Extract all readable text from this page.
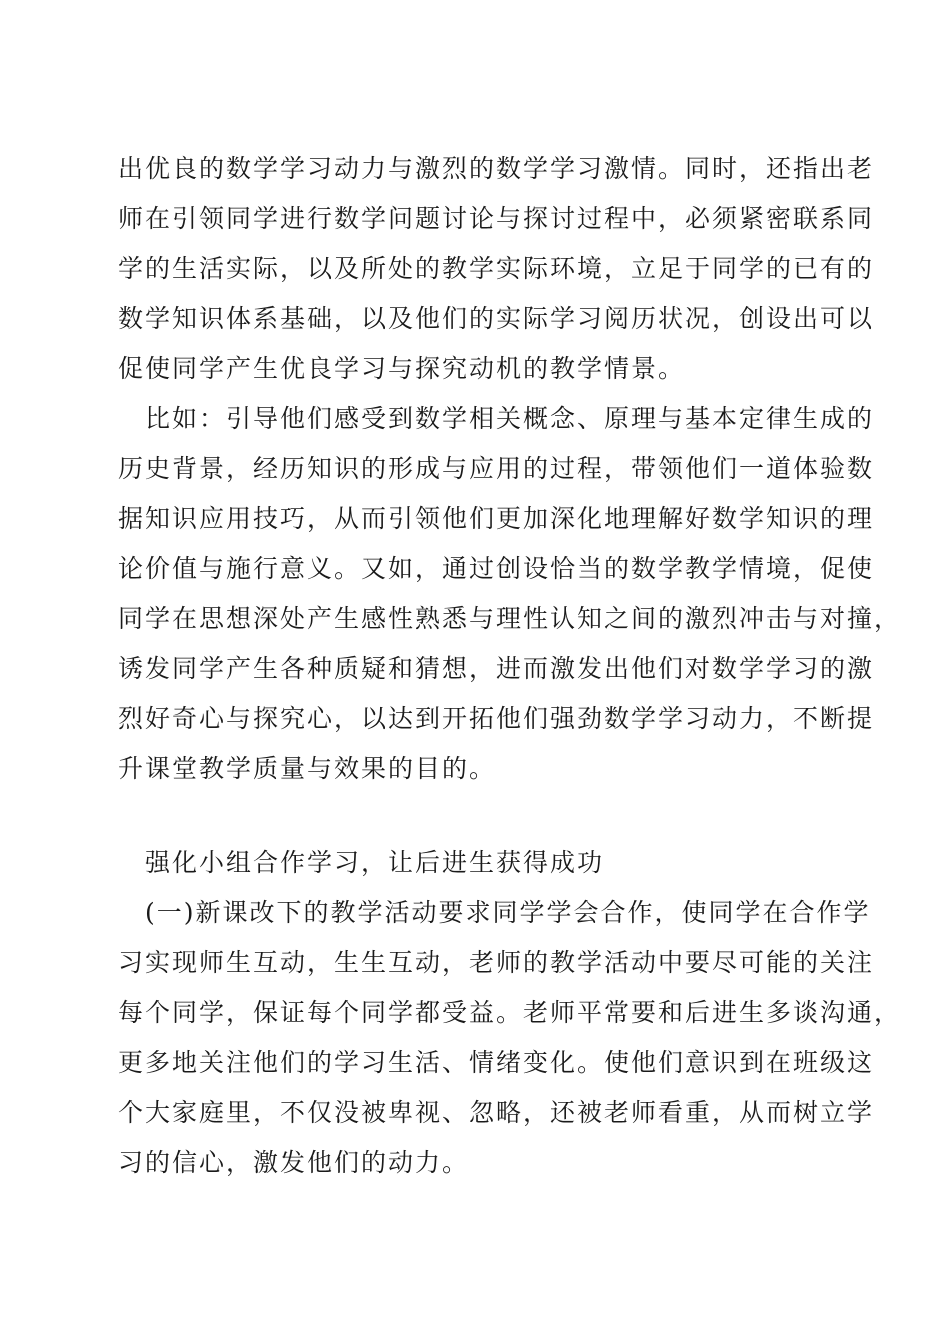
出优良的数学学习动力与激烈的数学学习激情。同时，还指出老
师在引领同学进行数学问题讨论与探讨过程中，必须紧密联系同
学的生活实际，以及所处的教学实际环境，立足于同学的已有的
数学知识体系基础，以及他们的实际学习阅历状况，创设出可以
促使同学产生优良学习与探究动机的教学情景。
　比如：引导他们感受到数学相关概念、原理与基本定律生成的
历史背景，经历知识的形成与应用的过程，带领他们一道体验数
据知识应用技巧，从而引领他们更加深化地理解好数学知识的理
论价值与施行意义。又如，通过创设恰当的数学教学情境，促使
同学在思想深处产生感性熟悉与理性认知之间的激烈冲击与对撞，
诱发同学产生各种质疑和猜想，进而激发出他们对数学学习的激
烈好奇心与探究心，以达到开拓他们强劲数学学习动力，不断提
升课堂教学质量与效果的目的。
　强化小组合作学习，让后进生获得成功
　(一)新课改下的教学活动要求同学学会合作，使同学在合作学
习实现师生互动，生生互动，老师的教学活动中要尽可能的关注
每个同学，保证每个同学都受益。老师平常要和后进生多谈沟通，
更多地关注他们的学习生活、情绪变化。使他们意识到在班级这
个大家庭里，不仅没被卑视、忽略，还被老师看重，从而树立学
习的信心，激发他们的动力。
